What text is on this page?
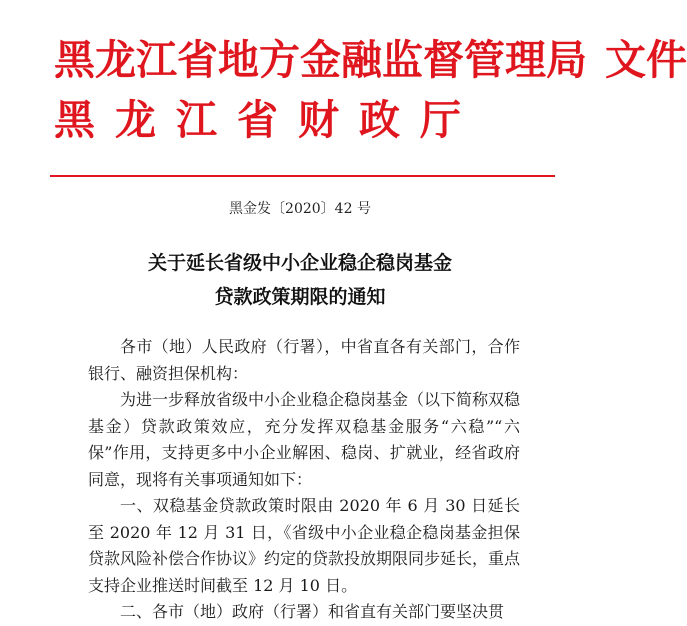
黑龙江省地方金融监督管理局 文件
黑龙江省财政厅
黑金发〔2020〕42 号
关于延长省级中小企业稳企稳岗基金
贷款政策期限的通知

各市（地）人民政府（行署），中省直各有关部门，合作银行、融资担保机构：

为进一步释放省级中小企业稳企稳岗基金（以下简称双稳基金）贷款政策效应，充分发挥双稳基金服务“六稳”“六保”作用，支持更多中小企业解困、稳岗、扩就业，经省政府同意，现将有关事项通知如下：

一、双稳基金贷款政策时限由 2020 年 6 月 30 日延长至 2020 年 12 月 31 日，《省级中小企业稳企稳岗基金担保贷款风险补偿合作协议》约定的贷款投放期限同步延长，重点支持企业推送时间截至 12 月 10 日。

二、各市（地）政府（行署）和省直有关部门要坚决贯
